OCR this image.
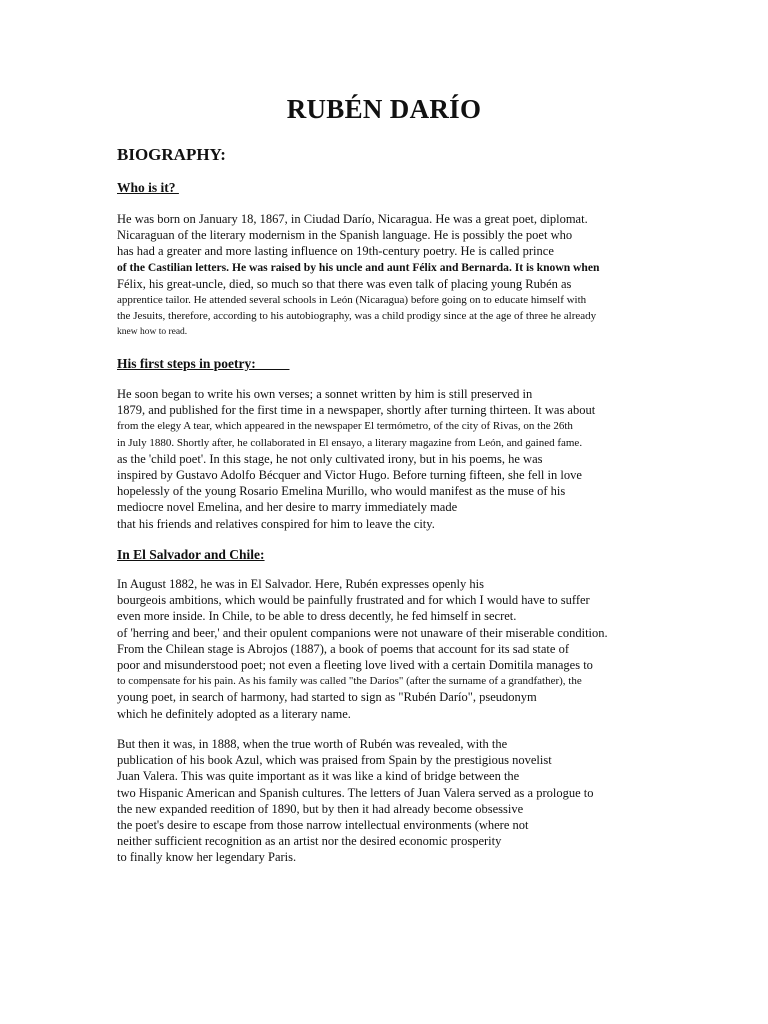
RUBÉN DARÍO
BIOGRAPHY:
Who is it?
He was born on January 18, 1867, in Ciudad Darío, Nicaragua. He was a great poet, diplomat.
Nicaraguan of the literary modernism in the Spanish language. He is possibly the poet who
has had a greater and more lasting influence on 19th-century poetry. He is called prince
of the Castilian letters. He was raised by his uncle and aunt Félix and Bernarda. It is known when
Félix, his great-uncle, died, so much so that there was even talk of placing young Rubén as
apprentice tailor. He attended several schools in León (Nicaragua) before going on to educate himself with
the Jesuits, therefore, according to his autobiography, was a child prodigy since at the age of three he already
knew how to read.
His first steps in poetry:
He soon began to write his own verses; a sonnet written by him is still preserved in
1879, and published for the first time in a newspaper, shortly after turning thirteen. It was about
from the elegy A tear, which appeared in the newspaper El termómetro, of the city of Rivas, on the 26th
in July 1880. Shortly after, he collaborated in El ensayo, a literary magazine from León, and gained fame.
as the 'child poet'. In this stage, he not only cultivated irony, but in his poems, he was
inspired by Gustavo Adolfo Bécquer and Victor Hugo. Before turning fifteen, she fell in love
hopelessly of the young Rosario Emelina Murillo, who would manifest as the muse of his
mediocre novel Emelina, and her desire to marry immediately made
that his friends and relatives conspired for him to leave the city.
In El Salvador and Chile:
In August 1882, he was in El Salvador. Here, Rubén expresses openly his
bourgeois ambitions, which would be painfully frustrated and for which I would have to suffer
even more inside. In Chile, to be able to dress decently, he fed himself in secret.
of 'herring and beer,' and their opulent companions were not unaware of their miserable condition.
From the Chilean stage is Abrojos (1887), a book of poems that account for its sad state of
poor and misunderstood poet; not even a fleeting love lived with a certain Domitila manages to
to compensate for his pain. As his family was called "the Daríos" (after the surname of a grandfather), the
young poet, in search of harmony, had started to sign as "Rubén Darío", pseudonym
which he definitely adopted as a literary name.
But then it was, in 1888, when the true worth of Rubén was revealed, with the
publication of his book Azul, which was praised from Spain by the prestigious novelist
Juan Valera. This was quite important as it was like a kind of bridge between the
two Hispanic American and Spanish cultures. The letters of Juan Valera served as a prologue to
the new expanded reedition of 1890, but by then it had already become obsessive
the poet's desire to escape from those narrow intellectual environments (where not
neither sufficient recognition as an artist nor the desired economic prosperity
to finally know her legendary Paris.
